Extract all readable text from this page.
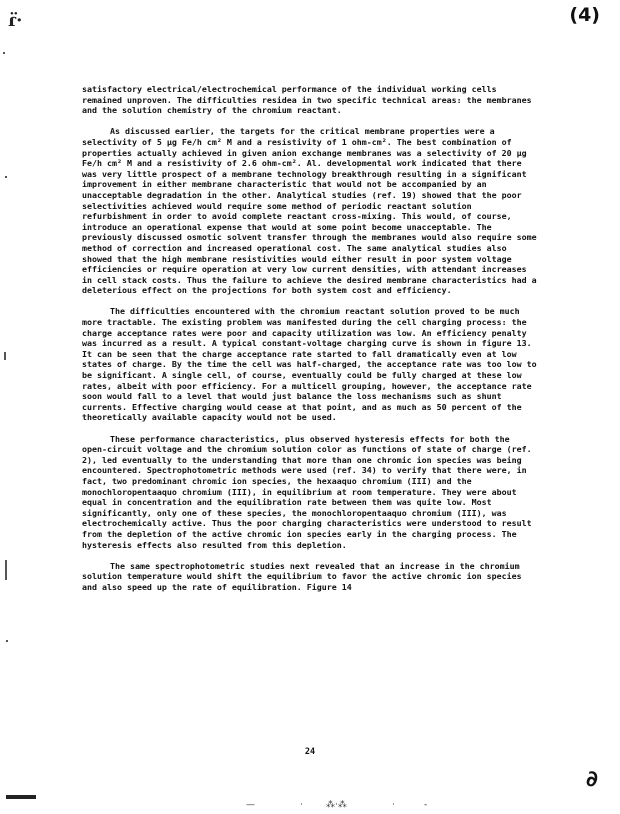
ɾ̈·	(4)

satisfactory electrical/electrochemical performance of the individual working cells remained unproven. The difficulties residea in two specific technical areas: the membranes and the solution chemistry of the chromium reactant.

As discussed earlier, the targets for the critical membrane properties were a selectivity of 5 μg Fe/h cm² M and a resistivity of 1 ohm-cm². The best combination of properties actually achieved in given anion exchange membranes was a selectivity of 20 μg Fe/h cm² M and a resistivity of 2.6 ohm-cm². Al. developmental work indicated that there was very little prospect of a membrane technology breakthrough resulting in a significant improvement in either membrane characteristic that would not be accompanied by an unacceptable degradation in the other. Analytical studies (ref. 19) showed that the poor selectivities achieved would require some method of periodic reactant solution refurbishment in order to avoid complete reactant cross-mixing. This would, of course, introduce an operational expense that would at some point become unacceptable. The previously discussed osmotic solvent transfer through the membranes would also require some method of correction and increased operational cost. The same analytical studies also showed that the high membrane resistivities would either result in poor system voltage efficiencies or require operation at very low current densities, with attendant increases in cell stack costs. Thus the failure to achieve the desired membrane characteristics had a deleterious effect on the projections for both system cost and efficiency.

The difficulties encountered with the chromium reactant solution proved to be much more tractable. The existing problem was manifested during the cell charging process: the charge acceptance rates were poor and capacity utilization was low. An efficiency penalty was incurred as a result. A typical constant-voltage charging curve is shown in figure 13. It can be seen that the charge acceptance rate started to fall dramatically even at low states of charge. By the time the cell was half-charged, the acceptance rate was too low to be significant. A single cell, of course, eventually could be fully charged at these low rates, albeit with poor efficiency. For a multicell grouping, however, the acceptance rate soon would fall to a level that would just balance the loss mechanisms such as shunt currents. Effective charging would cease at that point, and as much as 50 percent of the theoretically available capacity would not be used.

These performance characteristics, plus observed hysteresis effects for both the open-circuit voltage and the chromium solution color as functions of state of charge (ref. 2), led eventually to the understanding that more than one chromic ion species was being encountered. Spectrophotometric methods were used (ref. 34) to verify that there were, in fact, two predominant chromic ion species, the hexaaquo chromium (III) and the monochloropentaaquo chromium (III), in equilibrium at room temperature. They were about equal in concentration and the equilibration rate between them was quite low. Most significantly, only one of these species, the monochloropentaaquo chromium (III), was electrochemically active. Thus the poor charging characteristics were understood to result from the depletion of the active chromic ion species early in the charging process. The hysteresis effects also resulted from this depletion.

The same spectrophotometric studies next revealed that an increase in the chromium solution temperature would shift the equilibrium to favor the active chromic ion species and also speed up the rate of equilibration. Figure 14

24
—	·	⁂·⁂	·	-
∂
